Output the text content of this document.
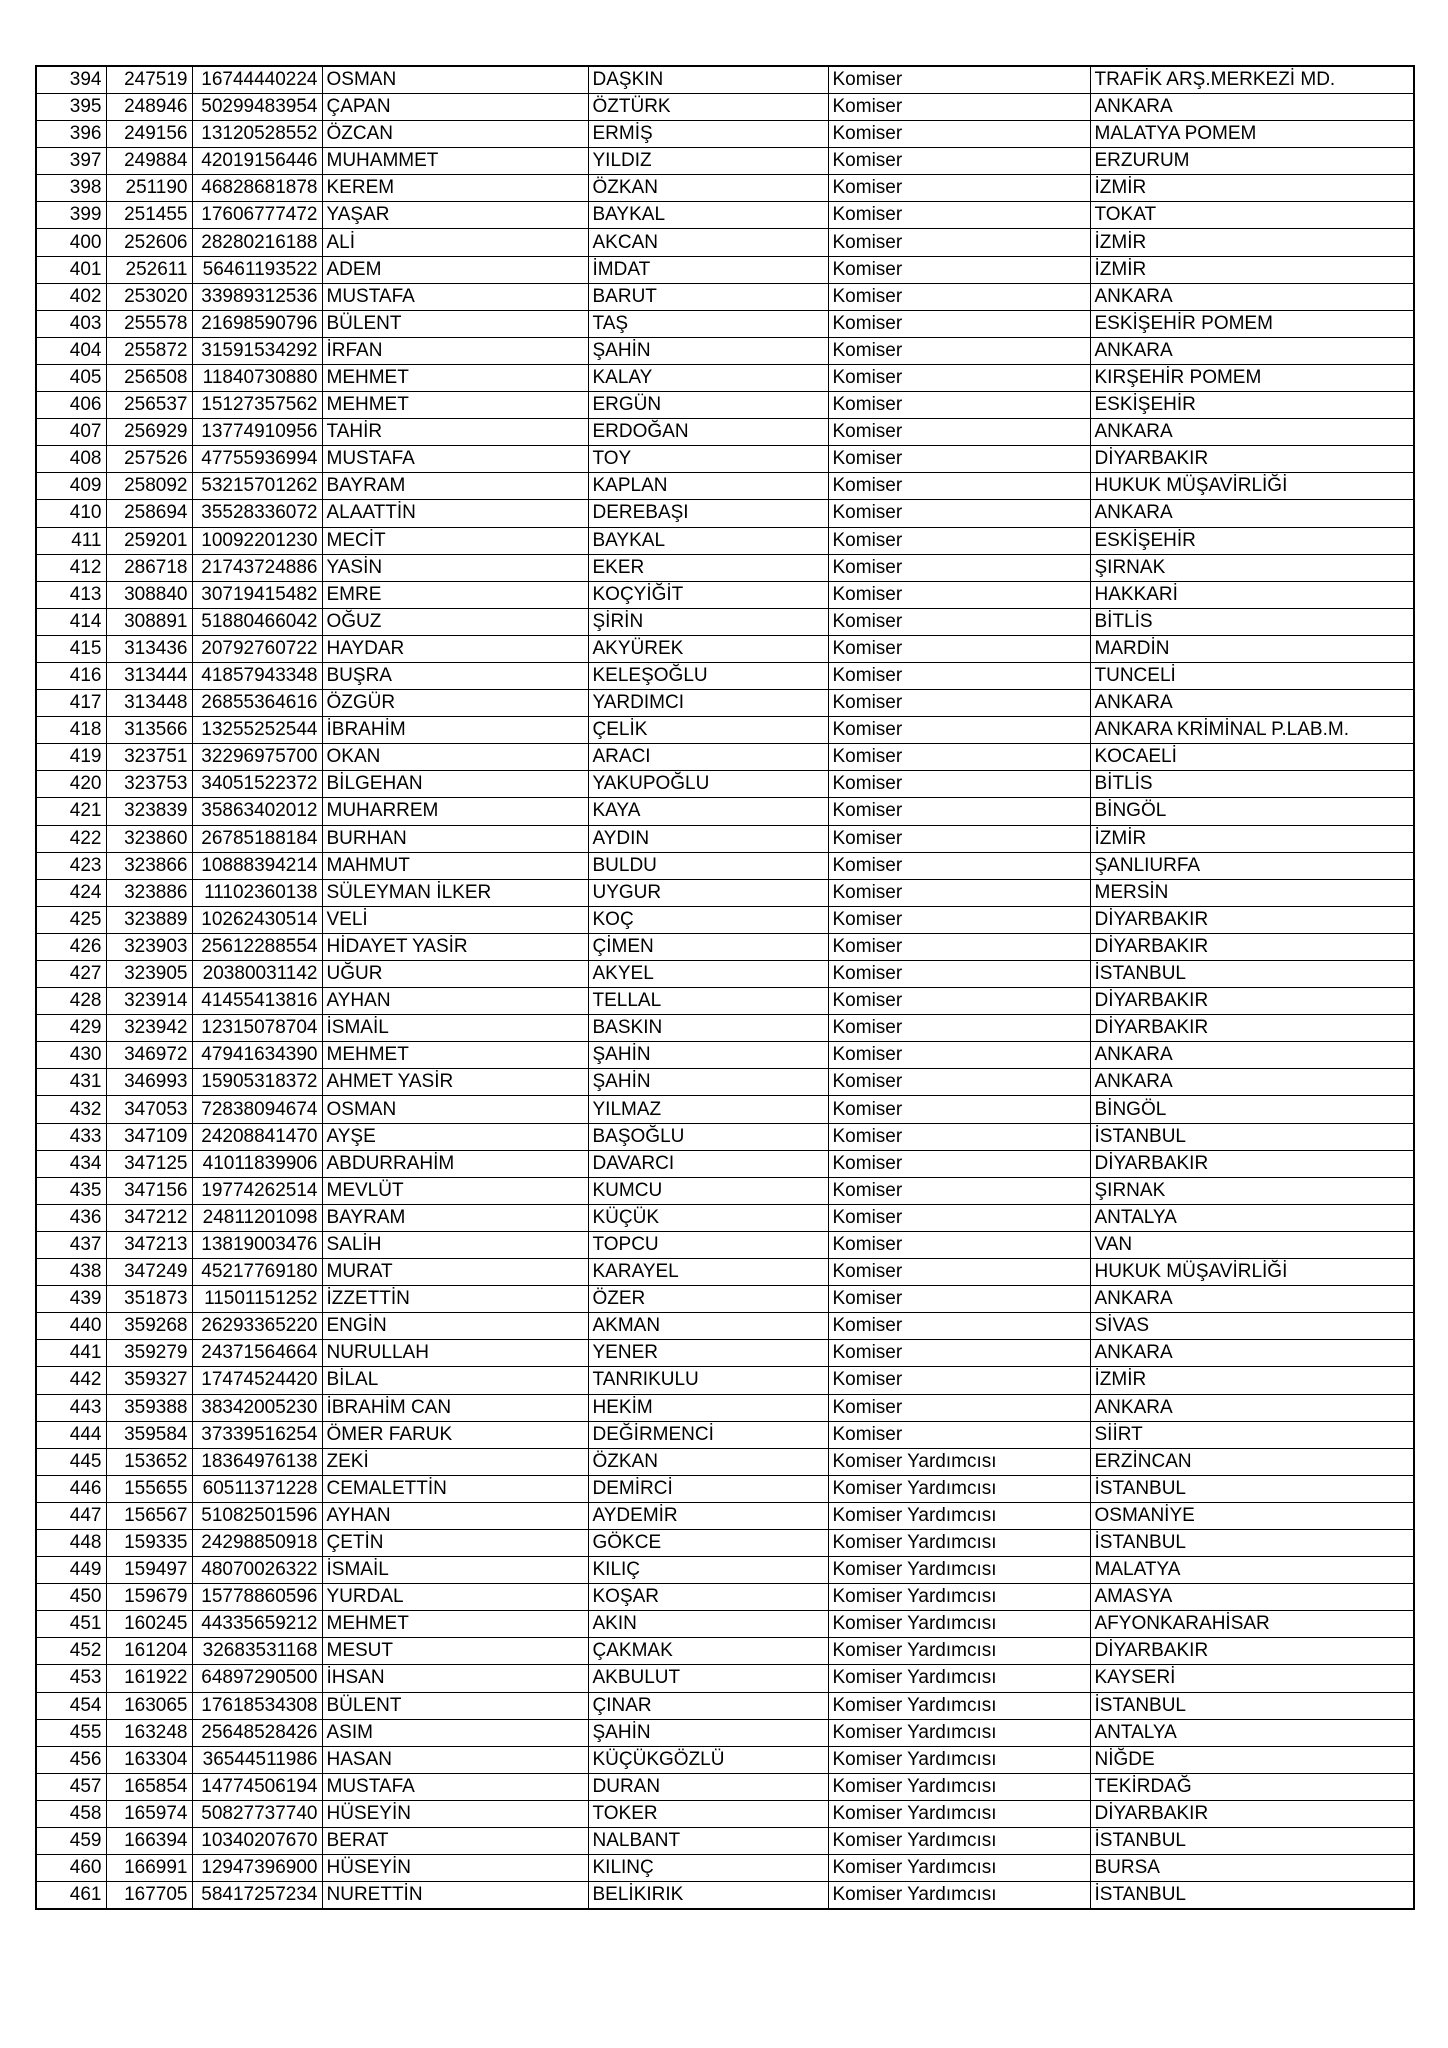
394	247519	16744440224	OSMAN	DAŞKIN	Komiser	TRAFİK ARŞ.MERKEZİ MD.
395	248946	50299483954	ÇAPAN	ÖZTÜRK	Komiser	ANKARA
396	249156	13120528552	ÖZCAN	ERMİŞ	Komiser	MALATYA POMEM
397	249884	42019156446	MUHAMMET	YILDIZ	Komiser	ERZURUM
398	251190	46828681878	KEREM	ÖZKAN	Komiser	İZMİR
399	251455	17606777472	YAŞAR	BAYKAL	Komiser	TOKAT
400	252606	28280216188	ALİ	AKCAN	Komiser	İZMİR
401	252611	56461193522	ADEM	İMDAT	Komiser	İZMİR
402	253020	33989312536	MUSTAFA	BARUT	Komiser	ANKARA
403	255578	21698590796	BÜLENT	TAŞ	Komiser	ESKİŞEHİR POMEM
404	255872	31591534292	İRFAN	ŞAHİN	Komiser	ANKARA
405	256508	11840730880	MEHMET	KALAY	Komiser	KIRŞEHİR POMEM
406	256537	15127357562	MEHMET	ERGÜN	Komiser	ESKİŞEHİR
407	256929	13774910956	TAHİR	ERDOĞAN	Komiser	ANKARA
408	257526	47755936994	MUSTAFA	TOY	Komiser	DİYARBAKIR
409	258092	53215701262	BAYRAM	KAPLAN	Komiser	HUKUK MÜŞAVİRLİĞİ
410	258694	35528336072	ALAATTİN	DEREBAŞI	Komiser	ANKARA
411	259201	10092201230	MECİT	BAYKAL	Komiser	ESKİŞEHİR
412	286718	21743724886	YASİN	EKER	Komiser	ŞIRNAK
413	308840	30719415482	EMRE	KOÇYİĞİT	Komiser	HAKKARİ
414	308891	51880466042	OĞUZ	ŞİRİN	Komiser	BİTLİS
415	313436	20792760722	HAYDAR	AKYÜREK	Komiser	MARDİN
416	313444	41857943348	BUŞRA	KELEŞOĞLU	Komiser	TUNCELİ
417	313448	26855364616	ÖZGÜR	YARDIMCI	Komiser	ANKARA
418	313566	13255252544	İBRAHİM	ÇELİK	Komiser	ANKARA KRİMİNAL P.LAB.M.
419	323751	32296975700	OKAN	ARACI	Komiser	KOCAELİ
420	323753	34051522372	BİLGEHAN	YAKUPOĞLU	Komiser	BİTLİS
421	323839	35863402012	MUHARREM	KAYA	Komiser	BİNGÖL
422	323860	26785188184	BURHAN	AYDIN	Komiser	İZMİR
423	323866	10888394214	MAHMUT	BULDU	Komiser	ŞANLIURFA
424	323886	11102360138	SÜLEYMAN İLKER	UYGUR	Komiser	MERSİN
425	323889	10262430514	VELİ	KOÇ	Komiser	DİYARBAKIR
426	323903	25612288554	HİDAYET YASİR	ÇİMEN	Komiser	DİYARBAKIR
427	323905	20380031142	UĞUR	AKYEL	Komiser	İSTANBUL
428	323914	41455413816	AYHAN	TELLAL	Komiser	DİYARBAKIR
429	323942	12315078704	İSMAİL	BASKIN	Komiser	DİYARBAKIR
430	346972	47941634390	MEHMET	ŞAHİN	Komiser	ANKARA
431	346993	15905318372	AHMET YASİR	ŞAHİN	Komiser	ANKARA
432	347053	72838094674	OSMAN	YILMAZ	Komiser	BİNGÖL
433	347109	24208841470	AYŞE	BAŞOĞLU	Komiser	İSTANBUL
434	347125	41011839906	ABDURRAHİM	DAVARCI	Komiser	DİYARBAKIR
435	347156	19774262514	MEVLÜT	KUMCU	Komiser	ŞIRNAK
436	347212	24811201098	BAYRAM	KÜÇÜK	Komiser	ANTALYA
437	347213	13819003476	SALİH	TOPCU	Komiser	VAN
438	347249	45217769180	MURAT	KARAYEL	Komiser	HUKUK MÜŞAVİRLİĞİ
439	351873	11501151252	İZZETTİN	ÖZER	Komiser	ANKARA
440	359268	26293365220	ENGİN	AKMAN	Komiser	SİVAS
441	359279	24371564664	NURULLAH	YENER	Komiser	ANKARA
442	359327	17474524420	BİLAL	TANRIKULU	Komiser	İZMİR
443	359388	38342005230	İBRAHİM CAN	HEKİM	Komiser	ANKARA
444	359584	37339516254	ÖMER FARUK	DEĞİRMENCİ	Komiser	SİİRT
445	153652	18364976138	ZEKİ	ÖZKAN	Komiser Yardımcısı	ERZİNCAN
446	155655	60511371228	CEMALETTİN	DEMİRCİ	Komiser Yardımcısı	İSTANBUL
447	156567	51082501596	AYHAN	AYDEMİR	Komiser Yardımcısı	OSMANİYE
448	159335	24298850918	ÇETİN	GÖKCE	Komiser Yardımcısı	İSTANBUL
449	159497	48070026322	İSMAİL	KILIÇ	Komiser Yardımcısı	MALATYA
450	159679	15778860596	YURDAL	KOŞAR	Komiser Yardımcısı	AMASYA
451	160245	44335659212	MEHMET	AKIN	Komiser Yardımcısı	AFYONKARAHİSAR
452	161204	32683531168	MESUT	ÇAKMAK	Komiser Yardımcısı	DİYARBAKIR
453	161922	64897290500	İHSAN	AKBULUT	Komiser Yardımcısı	KAYSERİ
454	163065	17618534308	BÜLENT	ÇINAR	Komiser Yardımcısı	İSTANBUL
455	163248	25648528426	ASIM	ŞAHİN	Komiser Yardımcısı	ANTALYA
456	163304	36544511986	HASAN	KÜÇÜKGÖZLÜ	Komiser Yardımcısı	NİĞDE
457	165854	14774506194	MUSTAFA	DURAN	Komiser Yardımcısı	TEKİRDAĞ
458	165974	50827737740	HÜSEYİN	TOKER	Komiser Yardımcısı	DİYARBAKIR
459	166394	10340207670	BERAT	NALBANT	Komiser Yardımcısı	İSTANBUL
460	166991	12947396900	HÜSEYİN	KILINÇ	Komiser Yardımcısı	BURSA
461	167705	58417257234	NURETTİN	BELİKIRIK	Komiser Yardımcısı	İSTANBUL
